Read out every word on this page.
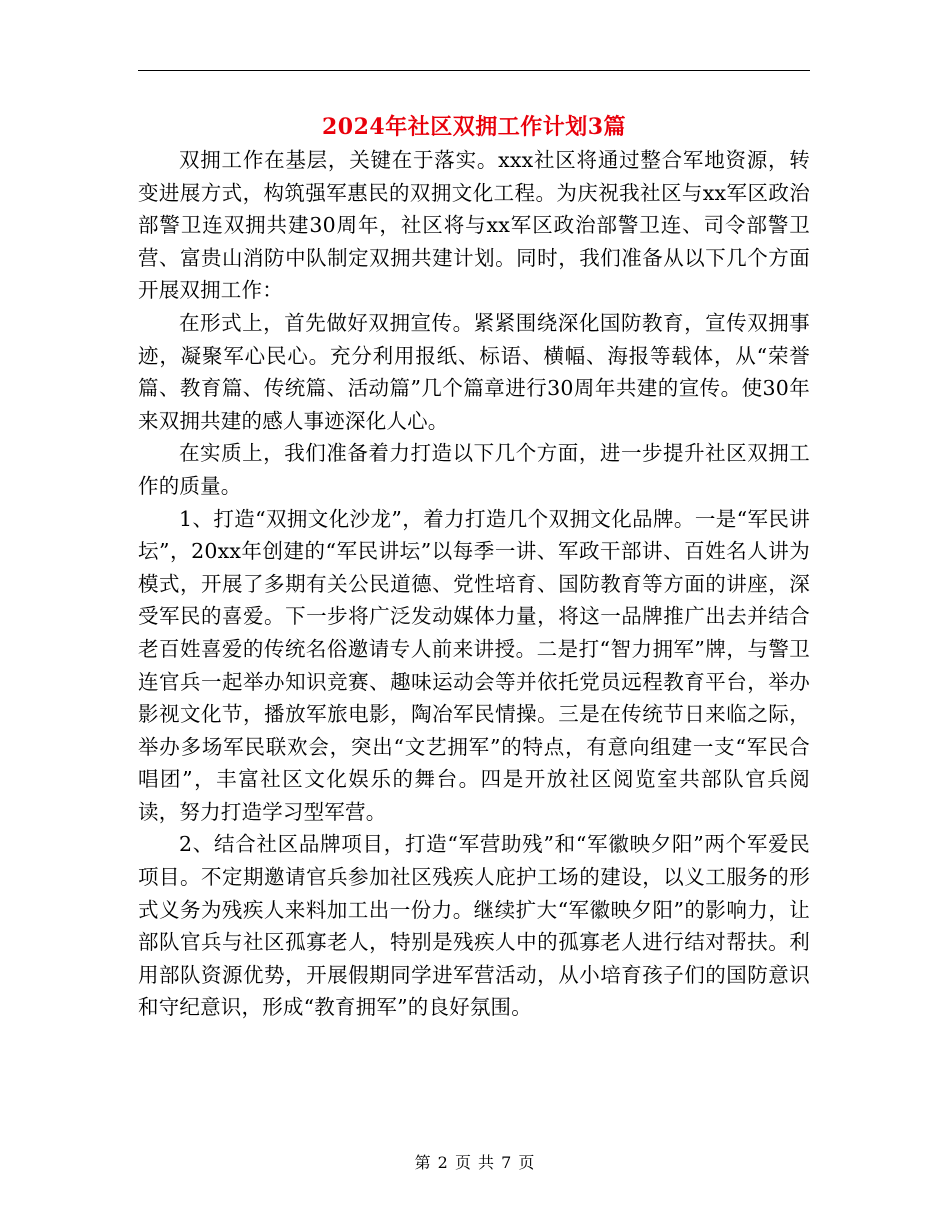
2024年社区双拥工作计划3篇

双拥工作在基层，关键在于落实。xxx社区将通过整合军地资源，转变进展方式，构筑强军惠民的双拥文化工程。为庆祝我社区与xx军区政治部警卫连双拥共建30周年，社区将与xx军区政治部警卫连、司令部警卫营、富贵山消防中队制定双拥共建计划。同时，我们准备从以下几个方面开展双拥工作：

在形式上，首先做好双拥宣传。紧紧围绕深化国防教育，宣传双拥事迹，凝聚军心民心。充分利用报纸、标语、横幅、海报等载体，从“荣誉篇、教育篇、传统篇、活动篇”几个篇章进行30周年共建的宣传。使30年来双拥共建的感人事迹深化人心。

在实质上，我们准备着力打造以下几个方面，进一步提升社区双拥工作的质量。

1、打造“双拥文化沙龙”，着力打造几个双拥文化品牌。一是“军民讲坛”，20xx年创建的“军民讲坛”以每季一讲、军政干部讲、百姓名人讲为模式，开展了多期有关公民道德、党性培育、国防教育等方面的讲座，深受军民的喜爱。下一步将广泛发动媒体力量，将这一品牌推广出去并结合老百姓喜爱的传统名俗邀请专人前来讲授。二是打“智力拥军”牌，与警卫连官兵一起举办知识竞赛、趣味运动会等并依托党员远程教育平台，举办影视文化节，播放军旅电影，陶冶军民情操。三是在传统节日来临之际，举办多场军民联欢会，突出“文艺拥军”的特点，有意向组建一支“军民合唱团”，丰富社区文化娱乐的舞台。四是开放社区阅览室共部队官兵阅读，努力打造学习型军营。

2、结合社区品牌项目，打造“军营助残”和“军徽映夕阳”两个军爱民项目。不定期邀请官兵参加社区残疾人庇护工场的建设，以义工服务的形式义务为残疾人来料加工出一份力。继续扩大“军徽映夕阳”的影响力，让部队官兵与社区孤寡老人，特别是残疾人中的孤寡老人进行结对帮扶。利用部队资源优势，开展假期同学进军营活动，从小培育孩子们的国防意识和守纪意识，形成“教育拥军”的良好氛围。

第 2 页 共 7 页
